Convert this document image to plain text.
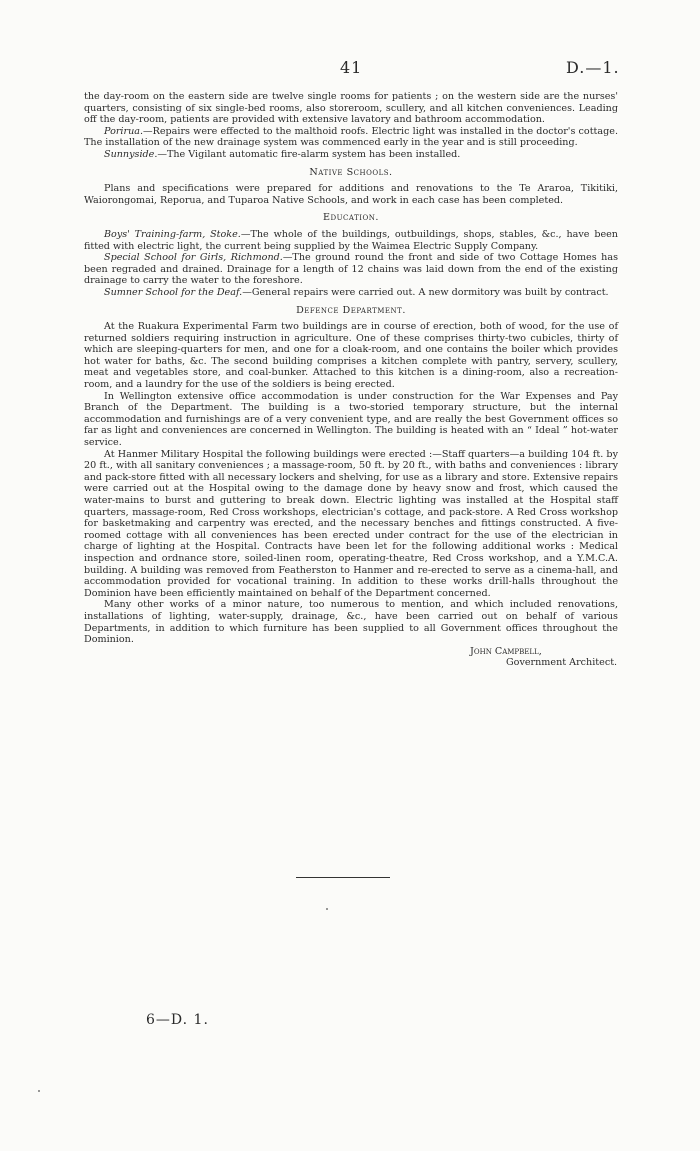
41	D.—1.

the day-room on the eastern side are twelve single rooms for patients ; on the western side are the nurses' quarters, consisting of six single-bed rooms, also storeroom, scullery, and all kitchen conveniences. Leading off the day-room, patients are provided with extensive lavatory and bathroom accommodation.

Porirua.—Repairs were effected to the malthoid roofs. Electric light was installed in the doctor's cottage. The installation of the new drainage system was commenced early in the year and is still proceeding.

Sunnyside.—The Vigilant automatic fire-alarm system has been installed.

Native Schools.

Plans and specifications were prepared for additions and renovations to the Te Araroa, Tikitiki, Waiorongomai, Reporua, and Tuparoa Native Schools, and work in each case has been completed.

Education.

Boys' Training-farm, Stoke.—The whole of the buildings, outbuildings, shops, stables, &c., have been fitted with electric light, the current being supplied by the Waimea Electric Supply Company.

Special School for Girls, Richmond.—The ground round the front and side of two Cottage Homes has been regraded and drained. Drainage for a length of 12 chains was laid down from the end of the existing drainage to carry the water to the foreshore.

Sumner School for the Deaf.—General repairs were carried out. A new dormitory was built by contract.

Defence Department.

At the Ruakura Experimental Farm two buildings are in course of erection, both of wood, for the use of returned soldiers requiring instruction in agriculture. One of these comprises thirty-two cubicles, thirty of which are sleeping-quarters for men, and one for a cloak-room, and one contains the boiler which provides hot water for baths, &c. The second building comprises a kitchen complete with pantry, servery, scullery, meat and vegetables store, and coal-bunker. Attached to this kitchen is a dining-room, also a recreation-room, and a laundry for the use of the soldiers is being erected.

In Wellington extensive office accommodation is under construction for the War Expenses and Pay Branch of the Department. The building is a two-storied temporary structure, but the internal accommodation and furnishings are of a very convenient type, and are really the best Government offices so far as light and conveniences are concerned in Wellington. The building is heated with an “ Ideal ” hot-water service.

At Hanmer Military Hospital the following buildings were erected :—Staff quarters—a building 104 ft. by 20 ft., with all sanitary conveniences ; a massage-room, 50 ft. by 20 ft., with baths and conveniences : library and pack-store fitted with all necessary lockers and shelving, for use as a library and store. Extensive repairs were carried out at the Hospital owing to the damage done by heavy snow and frost, which caused the water-mains to burst and guttering to break down. Electric lighting was installed at the Hospital staff quarters, massage-room, Red Cross workshops, electrician's cottage, and pack-store. A Red Cross workshop for basketmaking and carpentry was erected, and the necessary benches and fittings constructed. A five-roomed cottage with all conveniences has been erected under contract for the use of the electrician in charge of lighting at the Hospital. Contracts have been let for the following additional works : Medical inspection and ordnance store, soiled-linen room, operating-theatre, Red Cross workshop, and a Y.M.C.A. building. A building was removed from Featherston to Hanmer and re-erected to serve as a cinema-hall, and accommodation provided for vocational training. In addition to these works drill-halls throughout the Dominion have been efficiently maintained on behalf of the Department concerned.

Many other works of a minor nature, too numerous to mention, and which included renovations, installations of lighting, water-supply, drainage, &c., have been carried out on behalf of various Departments, in addition to which furniture has been supplied to all Government offices throughout the Dominion.

John Campbell,
Government Architect.

6—D. 1.
